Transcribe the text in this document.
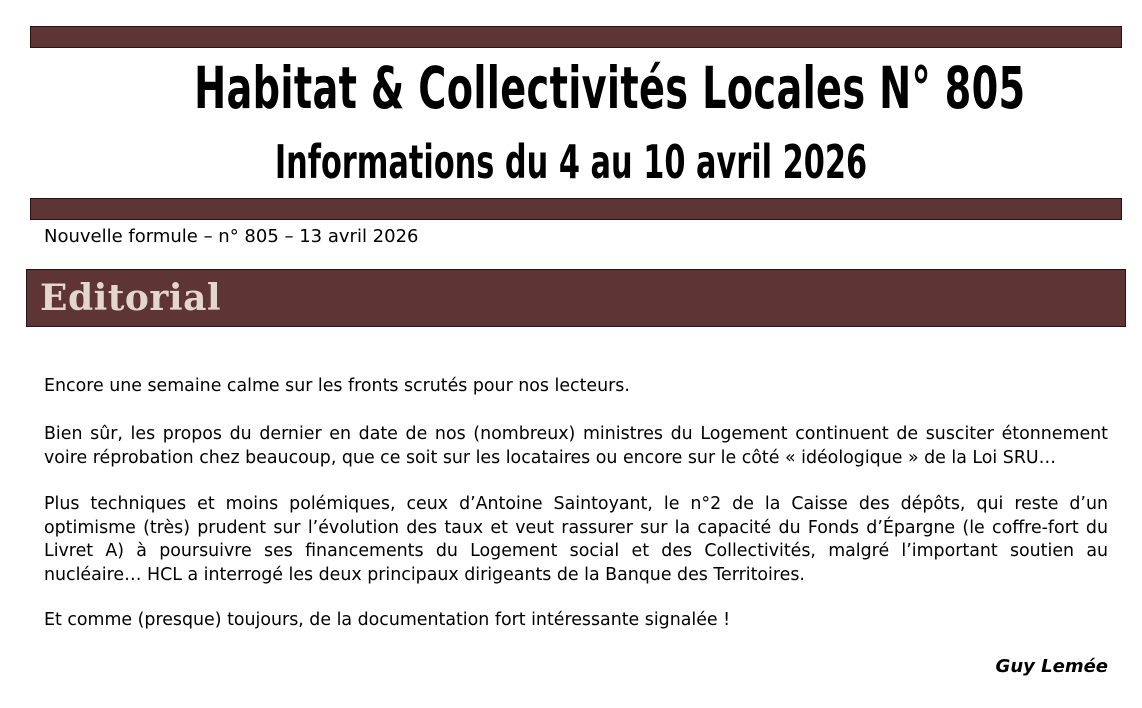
Habitat & Collectivités Locales N° 805
Informations du 4 au 10 avril 2026
Nouvelle formule – n° 805 – 13 avril 2026
Editorial

Encore une semaine calme sur les fronts scrutés pour nos lecteurs.

Bien sûr, les propos du dernier en date de nos (nombreux) ministres du Logement continuent de susciter étonnement voire réprobation chez beaucoup, que ce soit sur les locataires ou encore sur le côté « idéologique » de la Loi SRU…

Plus techniques et moins polémiques, ceux d’Antoine Saintoyant, le n°2 de la Caisse des dépôts, qui reste d’un optimisme (très) prudent sur l’évolution des taux et veut rassurer sur la capacité du Fonds d’Épargne (le coffre-fort du Livret A) à poursuivre ses financements du Logement social et des Collectivités, malgré l’important soutien au nucléaire… HCL a interrogé les deux principaux dirigeants de la Banque des Territoires.

Et comme (presque) toujours, de la documentation fort intéressante signalée !

Guy Lemée
